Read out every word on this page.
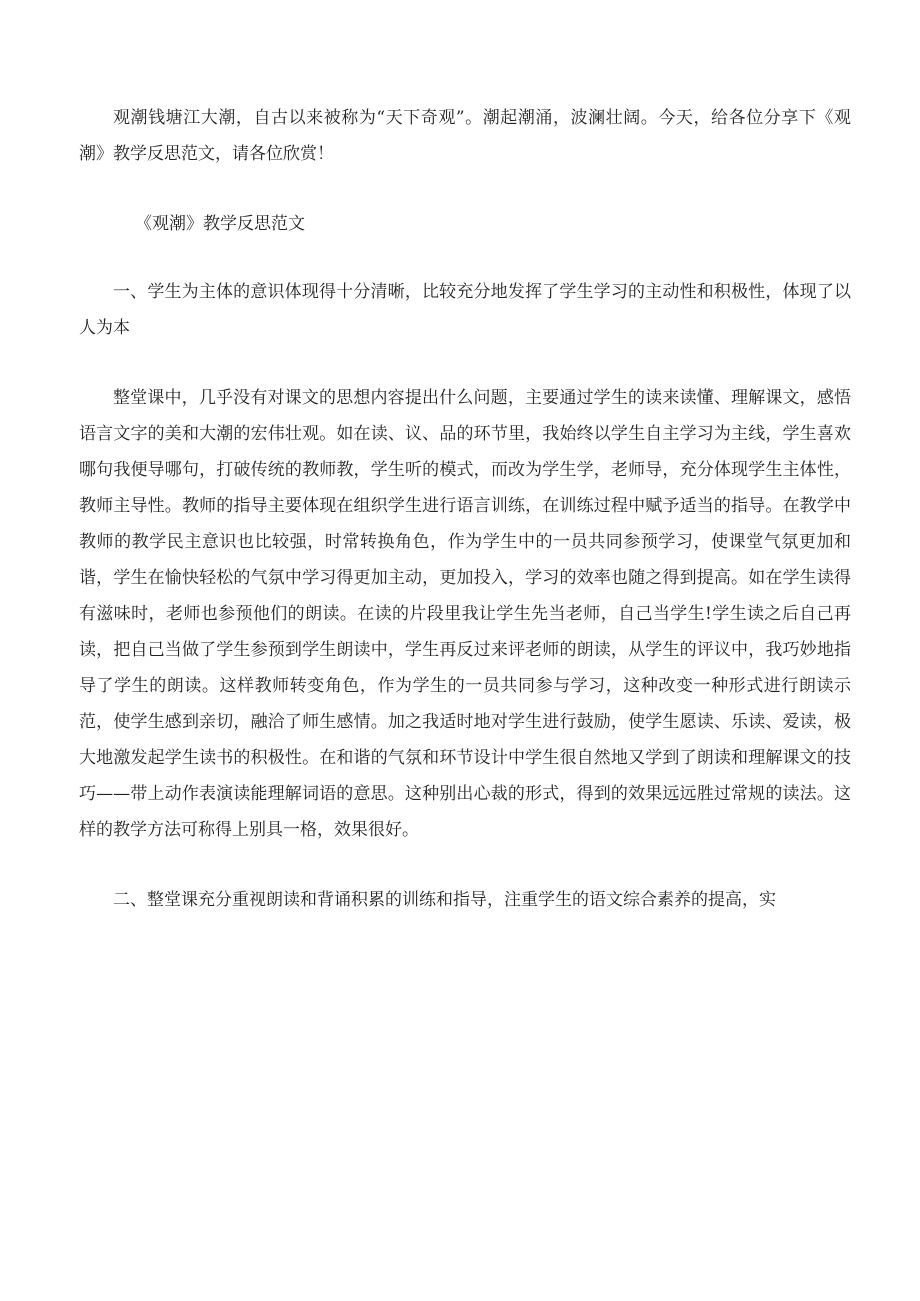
观潮钱塘江大潮，自古以来被称为“天下奇观”。潮起潮涌，波澜壮阔。今天，给各位分享下《观潮》教学反思范文，请各位欣赏！

《观潮》教学反思范文

一、学生为主体的意识体现得十分清晰，比较充分地发挥了学生学习的主动性和积极性，体现了以人为本

整堂课中，几乎没有对课文的思想内容提出什么问题，主要通过学生的读来读懂、理解课文，感悟语言文字的美和大潮的宏伟壮观。如在读、议、品的环节里，我始终以学生自主学习为主线，学生喜欢哪句我便导哪句，打破传统的教师教，学生听的模式，而改为学生学，老师导，充分体现学生主体性，教师主导性。教师的指导主要体现在组织学生进行语言训练，在训练过程中赋予适当的指导。在教学中教师的教学民主意识也比较强，时常转换角色，作为学生中的一员共同参预学习，使课堂气氛更加和谐，学生在愉快轻松的气氛中学习得更加主动，更加投入，学习的效率也随之得到提高。如在学生读得有滋味时，老师也参预他们的朗读。在读的片段里我让学生先当老师，自己当学生!学生读之后自己再读，把自己当做了学生参预到学生朗读中，学生再反过来评老师的朗读，从学生的评议中，我巧妙地指导了学生的朗读。这样教师转变角色，作为学生的一员共同参与学习，这种改变一种形式进行朗读示范，使学生感到亲切，融洽了师生感情。加之我适时地对学生进行鼓励，使学生愿读、乐读、爱读，极大地激发起学生读书的积极性。在和谐的气氛和环节设计中学生很自然地又学到了朗读和理解课文的技巧——带上动作表演读能理解词语的意思。这种别出心裁的形式，得到的效果远远胜过常规的读法。这样的教学方法可称得上别具一格，效果很好。

二、整堂课充分重视朗读和背诵积累的训练和指导，注重学生的语文综合素养的提高，实
